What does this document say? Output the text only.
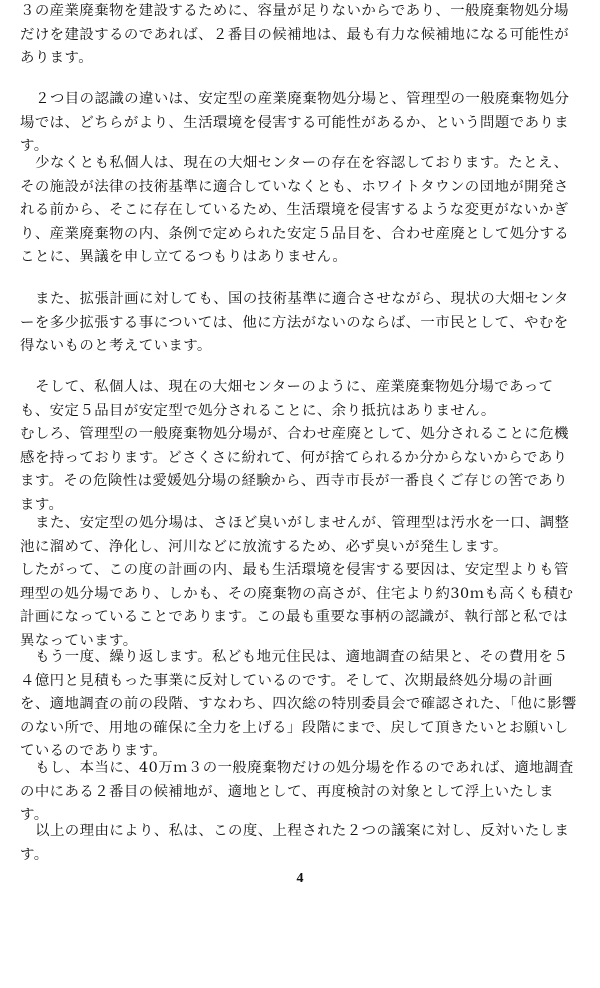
３の産業廃棄物を建設するために、容量が足りないからであり、一般廃棄物処分場だけを建設するのであれば、２番目の候補地は、最も有力な候補地になる可能性があります。

２つ目の認識の違いは、安定型の産業廃棄物処分場と、管理型の一般廃棄物処分場では、どちらがより、生活環境を侵害する可能性があるか、という問題であります。

少なくとも私個人は、現在の大畑センターの存在を容認しております。たとえ、その施設が法律の技術基準に適合していなくとも、ホワイトタウンの団地が開発される前から、そこに存在しているため、生活環境を侵害するような変更がないかぎり、産業廃棄物の内、条例で定められた安定５品目を、合わせ産廃として処分することに、異議を申し立てるつもりはありません。

また、拡張計画に対しても、国の技術基準に適合させながら、現状の大畑センターを多少拡張する事については、他に方法がないのならば、一市民として、やむを得ないものと考えています。

そして、私個人は、現在の大畑センターのように、産業廃棄物処分場であっても、安定５品目が安定型で処分されることに、余り抵抗はありません。
むしろ、管理型の一般廃棄物処分場が、合わせ産廃として、処分されることに危機感を持っております。どさくさに紛れて、何が捨てられるか分からないからであります。その危険性は愛媛処分場の経験から、西寺市長が一番良くご存じの筈であります。

また、安定型の処分場は、さほど臭いがしませんが、管理型は汚水を一口、調整池に溜めて、浄化し、河川などに放流するため、必ず臭いが発生します。
したがって、この度の計画の内、最も生活環境を侵害する要因は、安定型よりも管理型の処分場であり、しかも、その廃棄物の高さが、住宅より約30ｍも高くも積む計画になっていることであります。この最も重要な事柄の認識が、執行部と私では異なっています。

もう一度、繰り返します。私ども地元住民は、適地調査の結果と、その費用を５４億円と見積もった事業に反対しているのです。そして、次期最終処分場の計画を、適地調査の前の段階、すなわち、四次総の特別委員会で確認された、「他に影響のない所で、用地の確保に全力を上げる」段階にまで、戻して頂きたいとお願いしているのであります。

もし、本当に、40万ｍ３の一般廃棄物だけの処分場を作るのであれば、適地調査の中にある２番目の候補地が、適地として、再度検討の対象として浮上いたします。

以上の理由により、私は、この度、上程された２つの議案に対し、反対いたします。

4
